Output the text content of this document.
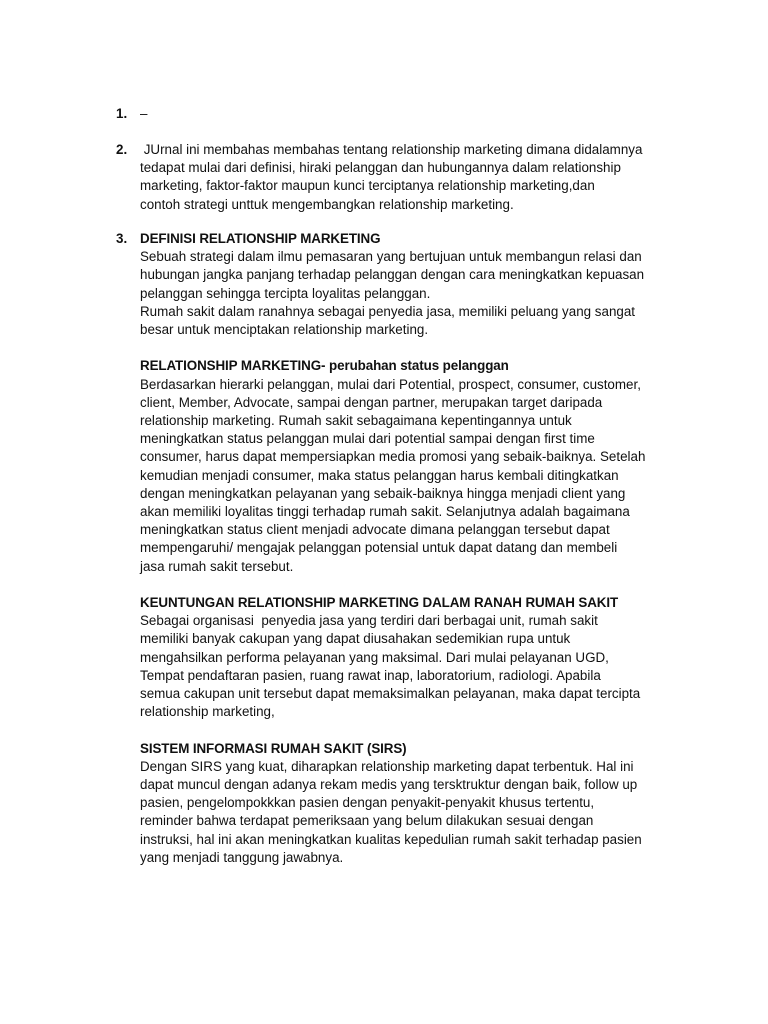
1. –
2. JUrnal ini membahas membahas tentang relationship marketing dimana didalamnya
tedapat mulai dari definisi, hiraki pelanggan dan hubungannya dalam relationship
marketing, faktor-faktor maupun kunci terciptanya relationship marketing,dan
contoh strategi unttuk mengembangkan relationship marketing.
3. DEFINISI RELATIONSHIP MARKETING
Sebuah strategi dalam ilmu pemasaran yang bertujuan untuk membangun relasi dan
hubungan jangka panjang terhadap pelanggan dengan cara meningkatkan kepuasan
pelanggan sehingga tercipta loyalitas pelanggan.
Rumah sakit dalam ranahnya sebagai penyedia jasa, memiliki peluang yang sangat
besar untuk menciptakan relationship marketing.
RELATIONSHIP MARKETING- perubahan status pelanggan
Berdasarkan hierarki pelanggan, mulai dari Potential, prospect, consumer, customer,
client, Member, Advocate, sampai dengan partner, merupakan target daripada
relationship marketing. Rumah sakit sebagaimana kepentingannya untuk
meningkatkan status pelanggan mulai dari potential sampai dengan first time
consumer, harus dapat mempersiapkan media promosi yang sebaik-baiknya. Setelah
kemudian menjadi consumer, maka status pelanggan harus kembali ditingkatkan
dengan meningkatkan pelayanan yang sebaik-baiknya hingga menjadi client yang
akan memiliki loyalitas tinggi terhadap rumah sakit. Selanjutnya adalah bagaimana
meningkatkan status client menjadi advocate dimana pelanggan tersebut dapat
mempengaruhi/ mengajak pelanggan potensial untuk dapat datang dan membeli
jasa rumah sakit tersebut.
KEUNTUNGAN RELATIONSHIP MARKETING DALAM RANAH RUMAH SAKIT
Sebagai organisasi  penyedia jasa yang terdiri dari berbagai unit, rumah sakit
memiliki banyak cakupan yang dapat diusahakan sedemikian rupa untuk
mengahsilkan performa pelayanan yang maksimal. Dari mulai pelayanan UGD,
Tempat pendaftaran pasien, ruang rawat inap, laboratorium, radiologi. Apabila
semua cakupan unit tersebut dapat memaksimalkan pelayanan, maka dapat tercipta
relationship marketing,
SISTEM INFORMASI RUMAH SAKIT (SIRS)
Dengan SIRS yang kuat, diharapkan relationship marketing dapat terbentuk. Hal ini
dapat muncul dengan adanya rekam medis yang tersktruktur dengan baik, follow up
pasien, pengelompokkkan pasien dengan penyakit-penyakit khusus tertentu,
reminder bahwa terdapat pemeriksaan yang belum dilakukan sesuai dengan
instruksi, hal ini akan meningkatkan kualitas kepedulian rumah sakit terhadap pasien
yang menjadi tanggung jawabnya.
